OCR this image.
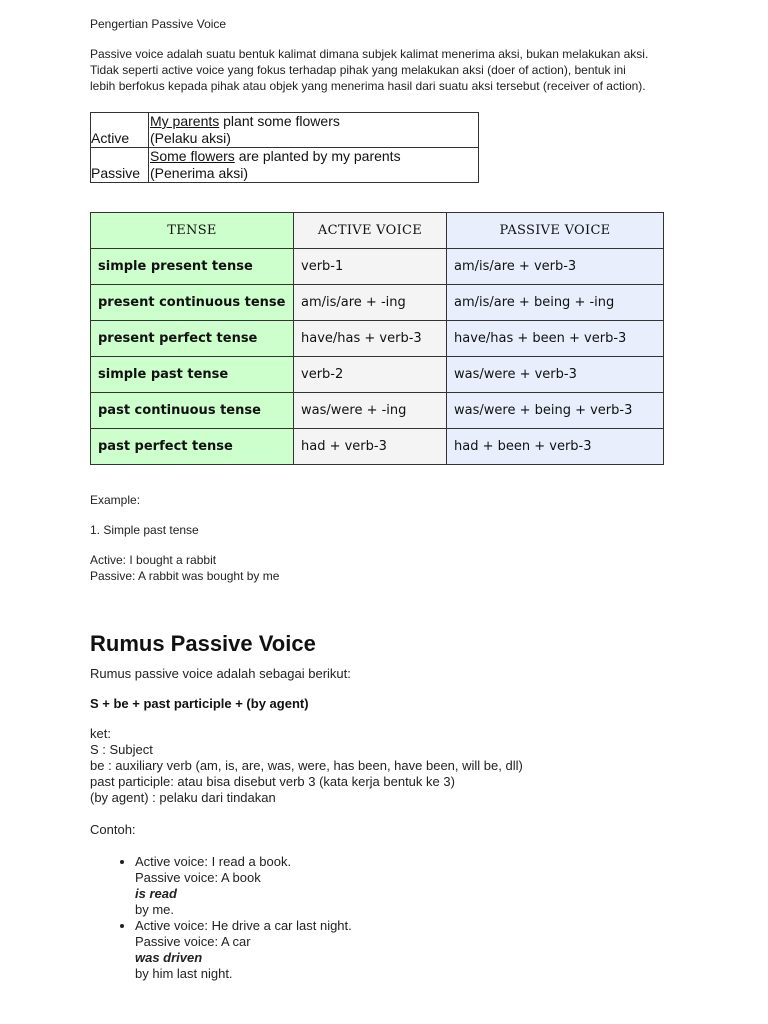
Pengertian Passive Voice

Passive voice adalah suatu bentuk kalimat dimana subjek kalimat menerima aksi, bukan melakukan aksi.
Tidak seperti active voice yang fokus terhadap pihak yang melakukan aksi (doer of action), bentuk ini
lebih berfokus kepada pihak atau objek yang menerima hasil dari suatu aksi tersebut (receiver of action).

Active	My parents plant some flowers
(Pelaku aksi)

Passive	Some flowers are planted by my parents
(Penerima aksi)
TENSE	ACTIVE VOICE	PASSIVE VOICE
simple present tense	verb-1	am/is/are + verb-3
present continuous tense	am/is/are + -ing	am/is/are + being + -ing
present perfect tense	have/has + verb-3	have/has + been + verb-3
simple past tense	verb-2	was/were + verb-3
past continuous tense	was/were + -ing	was/were + being + verb-3
past perfect tense	had + verb-3	had + been + verb-3

Example:

1. Simple past tense

Active: I bought a rabbit
Passive: A rabbit was bought by me

Rumus Passive Voice

Rumus passive voice adalah sebagai berikut:

S + be + past participle + (by agent)

ket:
S : Subject
be : auxiliary verb (am, is, are, was, were, has been, have been, will be, dll)
past participle: atau bisa disebut verb 3 (kata kerja bentuk ke 3)
(by agent) : pelaku dari tindakan

Contoh:

• Active voice: I read a book.
Passive voice: A book
is read
by me.
• Active voice: He drive a car last night.
Passive voice: A car
was driven
by him last night.
